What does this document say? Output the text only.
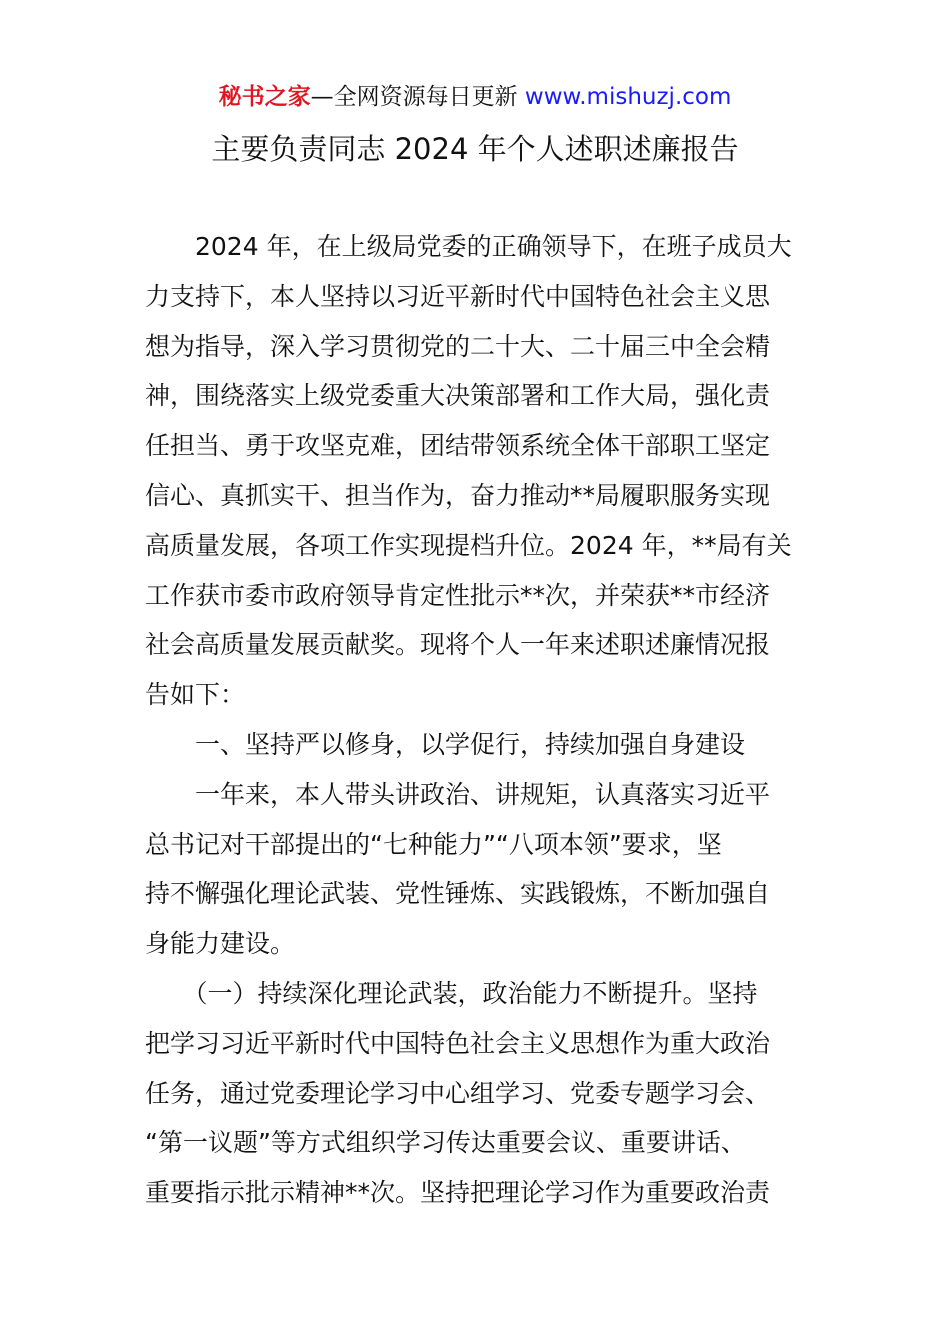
秘书之家—全网资源每日更新 www.mishuzj.com
主要负责同志 2024 年个人述职述廉报告
　　2024 年，在上级局党委的正确领导下，在班子成员大
力支持下，本人坚持以习近平新时代中国特色社会主义思
想为指导，深入学习贯彻党的二十大、二十届三中全会精
神，围绕落实上级党委重大决策部署和工作大局，强化责
任担当、勇于攻坚克难，团结带领系统全体干部职工坚定
信心、真抓实干、担当作为，奋力推动**局履职服务实现
高质量发展，各项工作实现提档升位。2024 年，**局有关
工作获市委市政府领导肯定性批示**次，并荣获**市经济
社会高质量发展贡献奖。现将个人一年来述职述廉情况报
告如下：
　　一、坚持严以修身，以学促行，持续加强自身建设
　　一年来，本人带头讲政治、讲规矩，认真落实习近平
总书记对干部提出的“七种能力”“八项本领”要求，坚
持不懈强化理论武装、党性锤炼、实践锻炼，不断加强自
身能力建设。
　　（一）持续深化理论武装，政治能力不断提升。坚持
把学习习近平新时代中国特色社会主义思想作为重大政治
任务，通过党委理论学习中心组学习、党委专题学习会、
“第一议题”等方式组织学习传达重要会议、重要讲话、
重要指示批示精神**次。坚持把理论学习作为重要政治责
